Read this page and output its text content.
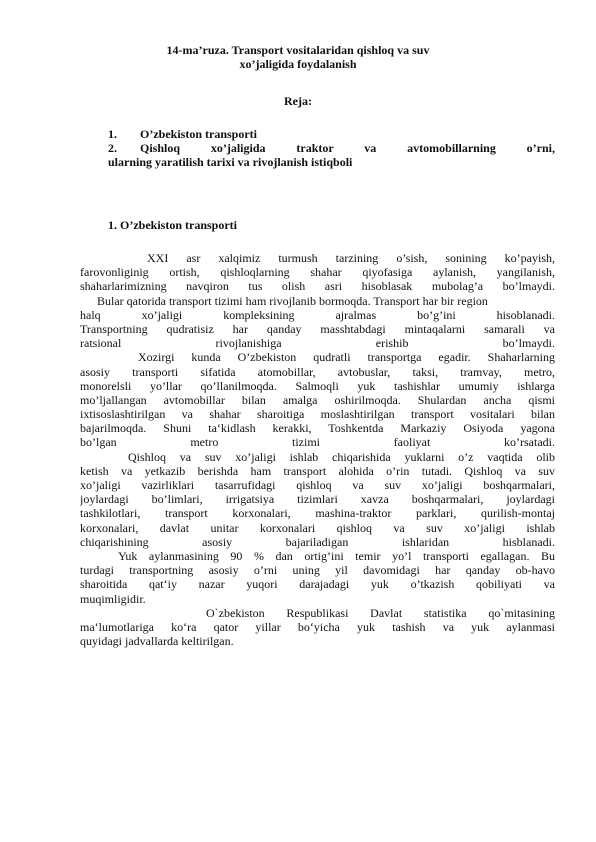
14-ma’ruza. Transport vositalaridan qishloq va suv
xo’jaligida foydalanish
Reja:
1.	O’zbekiston transporti
2.	Qishloq xo’jaligida traktor va avtomobillarning o’rni,
ularning yaratilish tarixi va rivojlanish istiqboli
1. O’zbekiston transporti
XXI asr xalqimiz turmush tarzining o’sish, sonining ko’payish,
farovonliginig ortish, qishloqlarning shahar qiyofasiga aylanish, yangilanish,
shaharlarimizning navqiron tus olish asri hisoblasak mubolag’a bo’lmaydi.
Bular qatorida transport tizimi ham rivojlanib bormoqda. Transport har bir region
halq xo’jaligi kompleksining ajralmas bo’g’ini hisoblanadi.
Transportning qudratisiz har qanday masshtabdagi mintaqalarni samarali va
ratsional rivojlanishiga erishib bo’lmaydi.
Xozirgi kunda O’zbekiston qudratli transportga egadir. Shaharlarning
asosiy transporti sifatida atomobillar, avtobuslar, taksi, tramvay, metro,
monorelsli yo’llar qo’llanilmoqda. Salmoqli yuk tashishlar umumiy ishlarga
mo’ljallangan avtomobillar bilan amalga oshirilmoqda. Shulardan ancha qismi
ixtisoslashtirilgan va shahar sharoitiga moslashtirilgan transport vositalari bilan
bajarilmoqda. Shuni ta‘kidlash kerakki, Toshkentda Markaziy Osiyoda yagona
bo’lgan metro tizimi faoliyat ko’rsatadi.
Qishloq va suv xo’jaligi ishlab chiqarishida yuklarni o’z vaqtida olib
ketish va yetkazib berishda ham transport alohida o’rin tutadi. Qishloq va suv
xo’jaligi vazirliklari tasarrufidagi qishloq va suv xo’jaligi boshqarmalari,
joylardagi bo’limlari, irrigatsiya tizimlari xavza boshqarmalari, joylardagi
tashkilotlari, transport korxonalari, mashina-traktor parklari, qurilish-montaj
korxonalari, davlat unitar korxonalari qishloq va suv xo’jaligi ishlab
chiqarishining asosiy bajariladigan ishlaridan hisblanadi.
Yuk aylanmasining 90 % dan ortig’ini temir yo’l transporti egallagan. Bu
turdagi transportning asosiy o’rni uning yil davomidagi har qanday ob-havo
sharoitida qat‘iy nazar yuqori darajadagi yuk o’tkazish qobiliyati va
muqimligidir.
O`zbekiston Respublikasi Davlat statistika qo`mitasining
ma‘lumotlariga ko‘ra qator yillar bo‘yicha yuk tashish va yuk aylanmasi
quyidagi jadvallarda keltirilgan.
